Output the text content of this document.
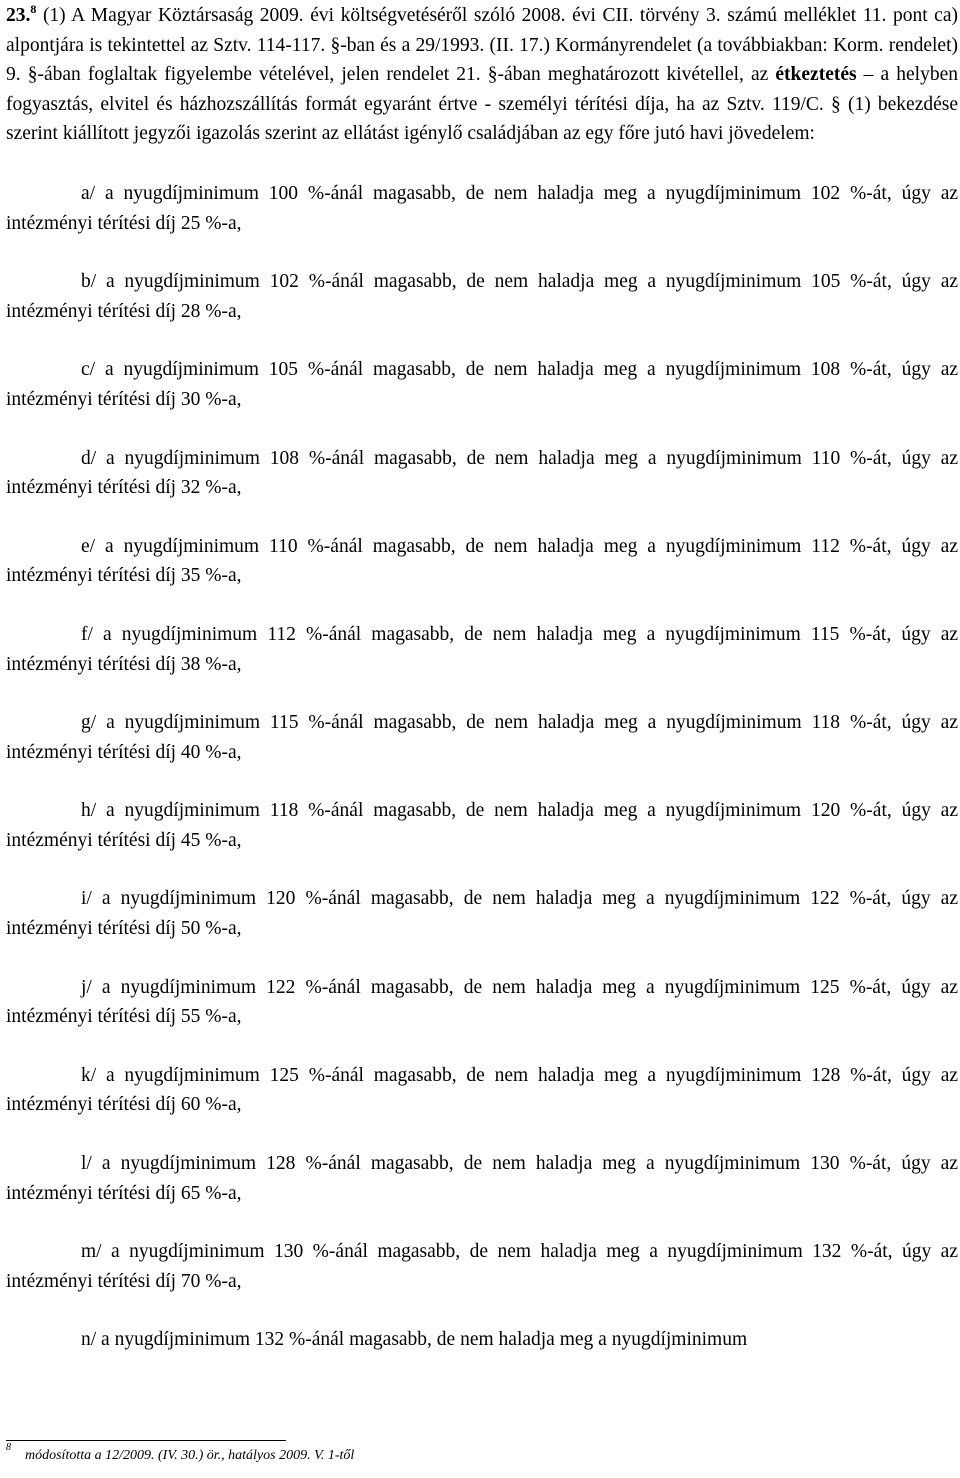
23.$^8$ (1) A Magyar Köztársaság 2009. évi költségvetéséről szóló 2008. évi CII. törvény 3. számú melléklet 11. pont ca) alpontjára is tekintettel az Sztv. 114-117. §-ban és a 29/1993. (II. 17.) Kormányrendelet (a továbbiakban: Korm. rendelet) 9. §-ában foglaltak figyelembe vételével, jelen rendelet 21. §-ában meghatározott kivétellel, az étkeztetés – a helyben fogyasztás, elvitel és házhozszállítás formát egyaránt értve - személyi térítési díja, ha az Sztv. 119/C. § (1) bekezdése szerint kiállított jegyzői igazolás szerint az ellátást igénylő családjában az egy főre jutó havi jövedelem:

a/ a nyugdíjminimum 100 %-ánál magasabb, de nem haladja meg a nyugdíjminimum 102 %-át, úgy az intézményi térítési díj 25 %-a,

b/ a nyugdíjminimum 102 %-ánál magasabb, de nem haladja meg a nyugdíjminimum 105 %-át, úgy az intézményi térítési díj 28 %-a,

c/ a nyugdíjminimum 105 %-ánál magasabb, de nem haladja meg a nyugdíjminimum 108 %-át, úgy az intézményi térítési díj 30 %-a,

d/ a nyugdíjminimum 108 %-ánál magasabb, de nem haladja meg a nyugdíjminimum 110 %-át, úgy az intézményi térítési díj 32 %-a,

e/ a nyugdíjminimum 110 %-ánál magasabb, de nem haladja meg a nyugdíjminimum 112 %-át, úgy az intézményi térítési díj 35 %-a,

f/ a nyugdíjminimum 112 %-ánál magasabb, de nem haladja meg a nyugdíjminimum 115 %-át, úgy az intézményi térítési díj 38 %-a,

g/ a nyugdíjminimum 115 %-ánál magasabb, de nem haladja meg a nyugdíjminimum 118 %-át, úgy az intézményi térítési díj 40 %-a,

h/ a nyugdíjminimum 118 %-ánál magasabb, de nem haladja meg a nyugdíjminimum 120 %-át, úgy az intézményi térítési díj 45 %-a,

i/ a nyugdíjminimum 120 %-ánál magasabb, de nem haladja meg a nyugdíjminimum 122 %-át, úgy az intézményi térítési díj 50 %-a,

j/ a nyugdíjminimum 122 %-ánál magasabb, de nem haladja meg a nyugdíjminimum 125 %-át, úgy az intézményi térítési díj 55 %-a,

k/ a nyugdíjminimum 125 %-ánál magasabb, de nem haladja meg a nyugdíjminimum 128 %-át, úgy az intézményi térítési díj 60 %-a,

l/ a nyugdíjminimum 128 %-ánál magasabb, de nem haladja meg a nyugdíjminimum 130 %-át, úgy az intézményi térítési díj 65 %-a,

m/ a nyugdíjminimum 130 %-ánál magasabb, de nem haladja meg a nyugdíjminimum 132 %-át, úgy az intézményi térítési díj 70 %-a,

n/ a nyugdíjminimum 132 %-ánál magasabb, de nem haladja meg a nyugdíjminimum

$^8$módosította a 12/2009. (IV. 30.) ör., hatályos 2009. V. 1-től
